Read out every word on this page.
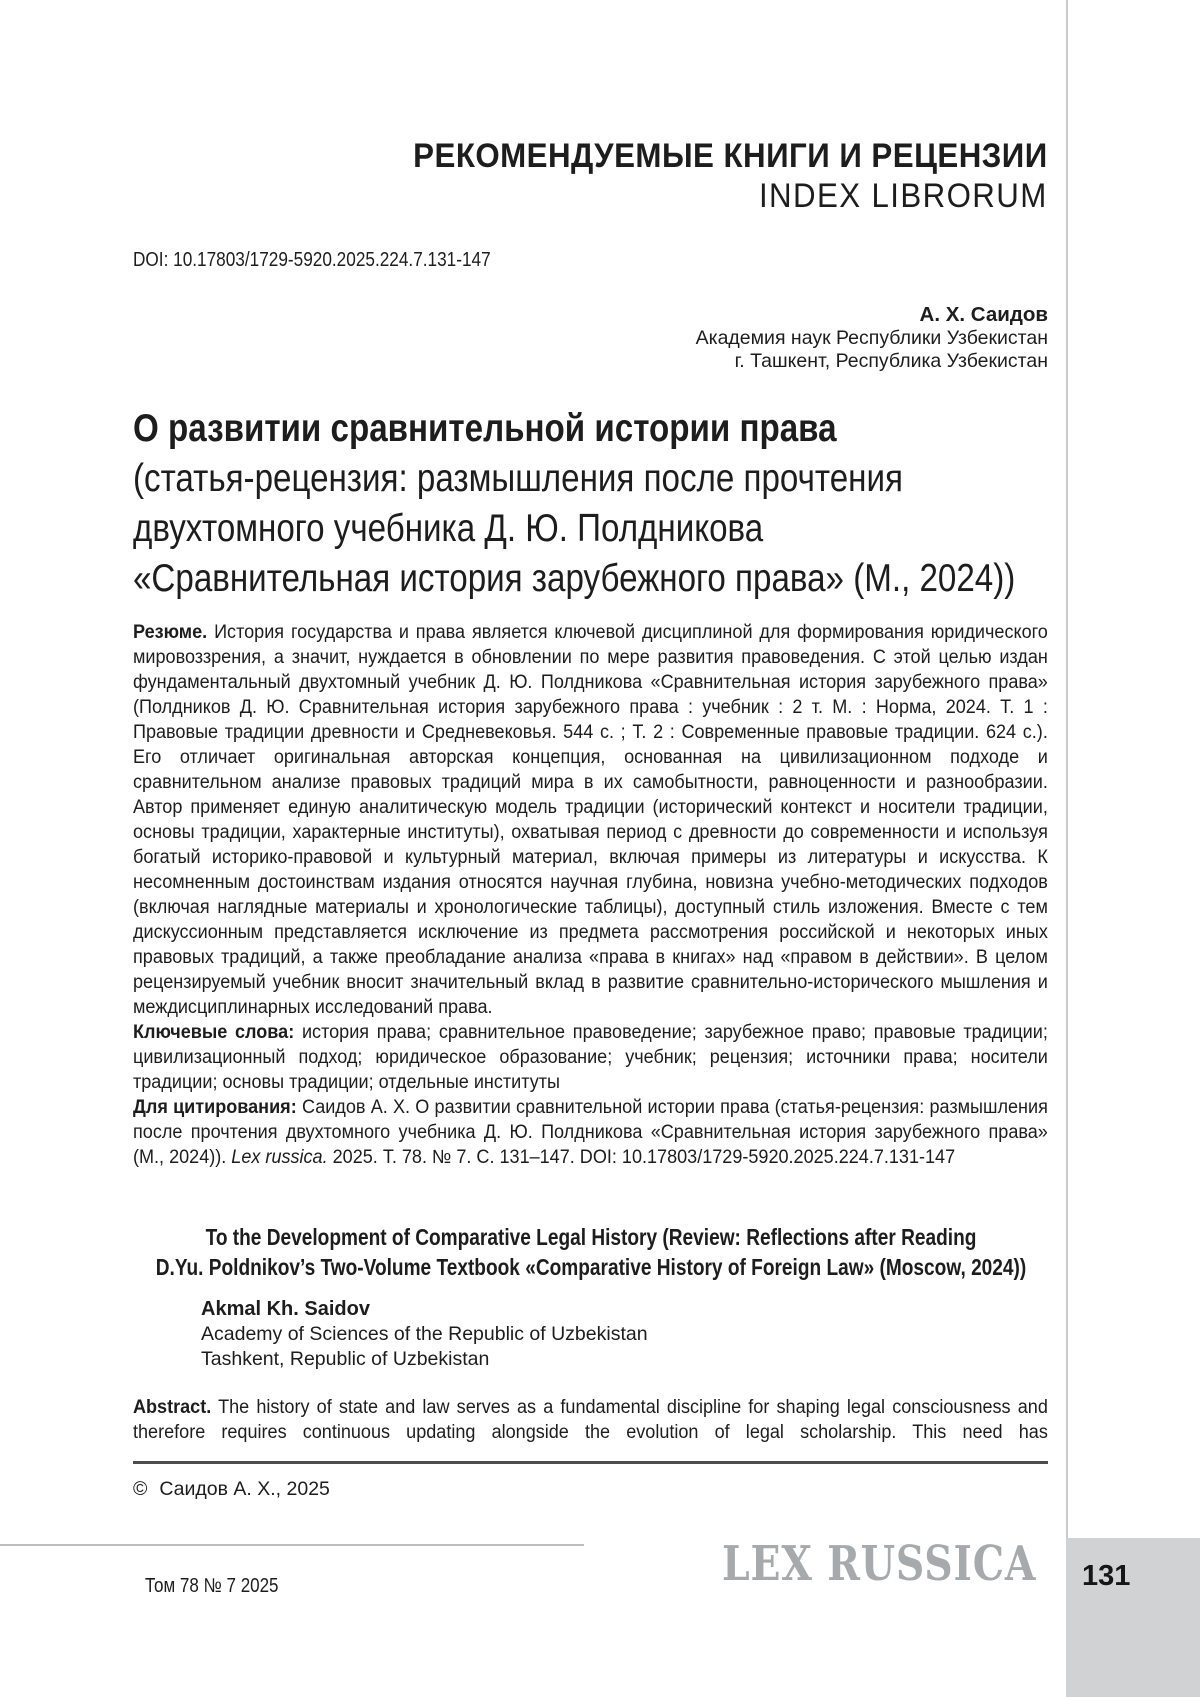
РЕКОМЕНДУЕМЫЕ КНИГИ И РЕЦЕНЗИИ
INDEX LIBRORUM
DOI: 10.17803/1729-5920.2025.224.7.131-147
А. Х. Саидов
Академия наук Республики Узбекистан
г. Ташкент, Республика Узбекистан
О развитии сравнительной истории права
(статья-рецензия: размышления после прочтения
двухтомного учебника Д. Ю. Полдникова
«Сравнительная история зарубежного права» (М., 2024))

Резюме. История государства и права является ключевой дисциплиной для формирования юридического мировоззрения, а значит, нуждается в обновлении по мере развития правоведения. С этой целью издан фундаментальный двухтомный учебник Д. Ю. Полдникова «Сравнительная история зарубежного права» (Полдников Д. Ю. Сравнительная история зарубежного права : учебник : 2 т. М. : Норма, 2024. Т. 1 : Правовые традиции древности и Средневековья. 544 с. ; Т. 2 : Современные правовые традиции. 624 с.). Его отличает оригинальная авторская концепция, основанная на цивилизационном подходе и сравнительном анализе правовых традиций мира в их самобытности, равноценности и разнообразии. Автор применяет единую аналитическую модель традиции (исторический контекст и носители традиции, основы традиции, характерные институты), охватывая период с древности до современности и используя богатый историко-правовой и культурный материал, включая примеры из литературы и искусства. К несомненным достоинствам издания относятся научная глубина, новизна учебно-методических подходов (включая наглядные материалы и хронологические таблицы), доступный стиль изложения. Вместе с тем дискуссионным представляется исключение из предмета рассмотрения российской и некоторых иных правовых традиций, а также преобладание анализа «права в книгах» над «правом в действии». В целом рецензируемый учебник вносит значительный вклад в развитие сравнительно-исторического мышления и междисциплинарных исследований права.

Ключевые слова: история права; сравнительное правоведение; зарубежное право; правовые традиции; цивилизационный подход; юридическое образование; учебник; рецензия; источники права; носители традиции; основы традиции; отдельные институты

Для цитирования: Саидов А. Х. О развитии сравнительной истории права (статья-рецензия: размышления после прочтения двухтомного учебника Д. Ю. Полдникова «Сравнительная история зарубежного права» (М., 2024)). Lex russica. 2025. Т. 78. № 7. С. 131–147. DOI: 10.17803/1729-5920.2025.224.7.131-147

To the Development of Comparative Legal History (Review: Reflections after Reading
D.Yu. Poldnikov’s Two-Volume Textbook «Comparative History of Foreign Law» (Moscow, 2024))
Akmal Kh. Saidov
Academy of Sciences of the Republic of Uzbekistan
Tashkent, Republic of Uzbekistan

Abstract. The history of state and law serves as a fundamental discipline for shaping legal consciousness and therefore requires continuous updating alongside the evolution of legal scholarship. This need has

© Саидов А. Х., 2025
Том 78 № 7 2025	LEX RUSSICA 131
